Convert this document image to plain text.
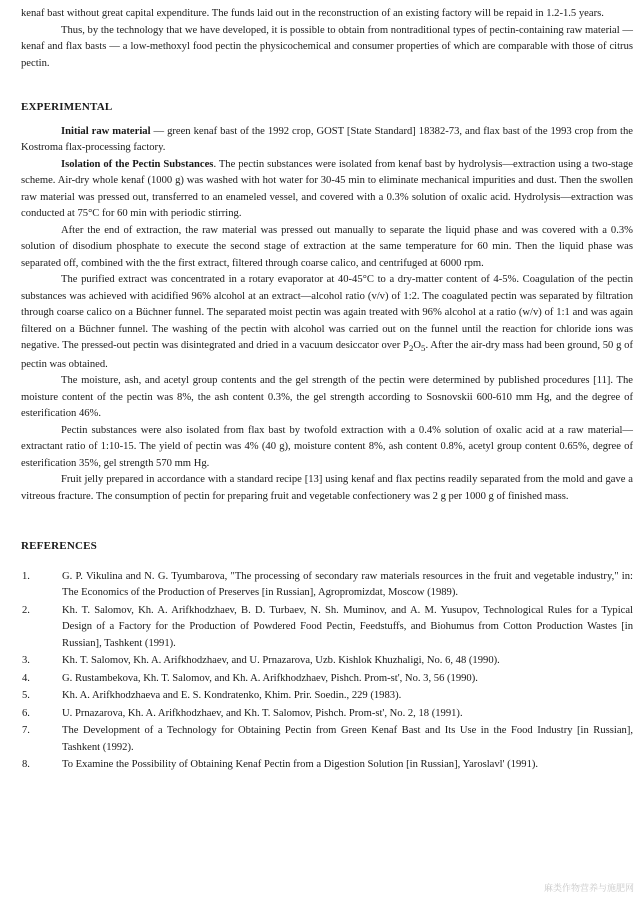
kenaf bast without great capital expenditure. The funds laid out in the reconstruction of an existing factory will be repaid in 1.2-1.5 years.

Thus, by the technology that we have developed, it is possible to obtain from nontraditional types of pectin-containing raw material — kenaf and flax basts — a low-methoxyl food pectin the physicochemical and consumer properties of which are comparable with those of citrus pectin.

EXPERIMENTAL

Initial raw material — green kenaf bast of the 1992 crop, GOST [State Standard] 18382-73, and flax bast of the 1993 crop from the Kostroma flax-processing factory.

Isolation of the Pectin Substances. The pectin substances were isolated from kenaf bast by hydrolysis—extraction using a two-stage scheme. Air-dry whole kenaf (1000 g) was washed with hot water for 30-45 min to eliminate mechanical impurities and dust. Then the swollen raw material was pressed out, transferred to an enameled vessel, and covered with a 0.3% solution of oxalic acid. Hydrolysis—extraction was conducted at 75°C for 60 min with periodic stirring.

After the end of extraction, the raw material was pressed out manually to separate the liquid phase and was covered with a 0.3% solution of disodium phosphate to execute the second stage of extraction at the same temperature for 60 min. Then the liquid phase was separated off, combined with the the first extract, filtered through coarse calico, and centrifuged at 6000 rpm.

The purified extract was concentrated in a rotary evaporator at 40-45°C to a dry-matter content of 4-5%. Coagulation of the pectin substances was achieved with acidified 96% alcohol at an extract—alcohol ratio (v/v) of 1:2. The coagulated pectin was separated by filtration through coarse calico on a Büchner funnel. The separated moist pectin was again treated with 96% alcohol at a ratio (w/v) of 1:1 and was again filtered on a Büchner funnel. The washing of the pectin with alcohol was carried out on the funnel until the reaction for chloride ions was negative. The pressed-out pectin was disintegrated and dried in a vacuum desiccator over $P_2O_5$. After the air-dry mass had been ground, 50 g of pectin was obtained.

The moisture, ash, and acetyl group contents and the gel strength of the pectin were determined by published procedures [11]. The moisture content of the pectin was 8%, the ash content 0.3%, the gel strength according to Sosnovskii 600-610 mm Hg, and the degree of esterification 46%.

Pectin substances were also isolated from flax bast by twofold extraction with a 0.4% solution of oxalic acid at a raw material—extractant ratio of 1:10-15. The yield of pectin was 4% (40 g), moisture content 8%, ash content 0.8%, acetyl group content 0.65%, degree of esterification 35%, gel strength 570 mm Hg.

Fruit jelly prepared in accordance with a standard recipe [13] using kenaf and flax pectins readily separated from the mold and gave a vitreous fracture. The consumption of pectin for preparing fruit and vegetable confectionery was 2 g per 1000 g of finished mass.

REFERENCES
1.	G. P. Vikulina and N. G. Tyumbarova, "The processing of secondary raw materials resources in the fruit and vegetable industry," in: The Economics of the Production of Preserves [in Russian], Agropromizdat, Moscow (1989).
2.	Kh. T. Salomov, Kh. A. Arifkhodzhaev, B. D. Turbaev, N. Sh. Muminov, and A. M. Yusupov, Technological Rules for a Typical Design of a Factory for the Production of Powdered Food Pectin, Feedstuffs, and Biohumus from Cotton Production Wastes [in Russian], Tashkent (1991).
3.	Kh. T. Salomov, Kh. A. Arifkhodzhaev, and U. Prnazarova, Uzb. Kishlok Khuzhaligi, No. 6, 48 (1990).
4.	G. Rustambekova, Kh. T. Salomov, and Kh. A. Arifkhodzhaev, Pishch. Prom-st', No. 3, 56 (1990).
5.	Kh. A. Arifkhodzhaeva and E. S. Kondratenko, Khim. Prir. Soedin., 229 (1983).
6.	U. Prnazarova, Kh. A. Arifkhodzhaev, and Kh. T. Salomov, Pishch. Prom-st', No. 2, 18 (1991).
7.	The Development of a Technology for Obtaining Pectin from Green Kenaf Bast and Its Use in the Food Industry [in Russian], Tashkent (1992).
8.	To Examine the Possibility of Obtaining Kenaf Pectin from a Digestion Solution [in Russian], Yaroslavl' (1991).
麻类作物营养与施肥网
